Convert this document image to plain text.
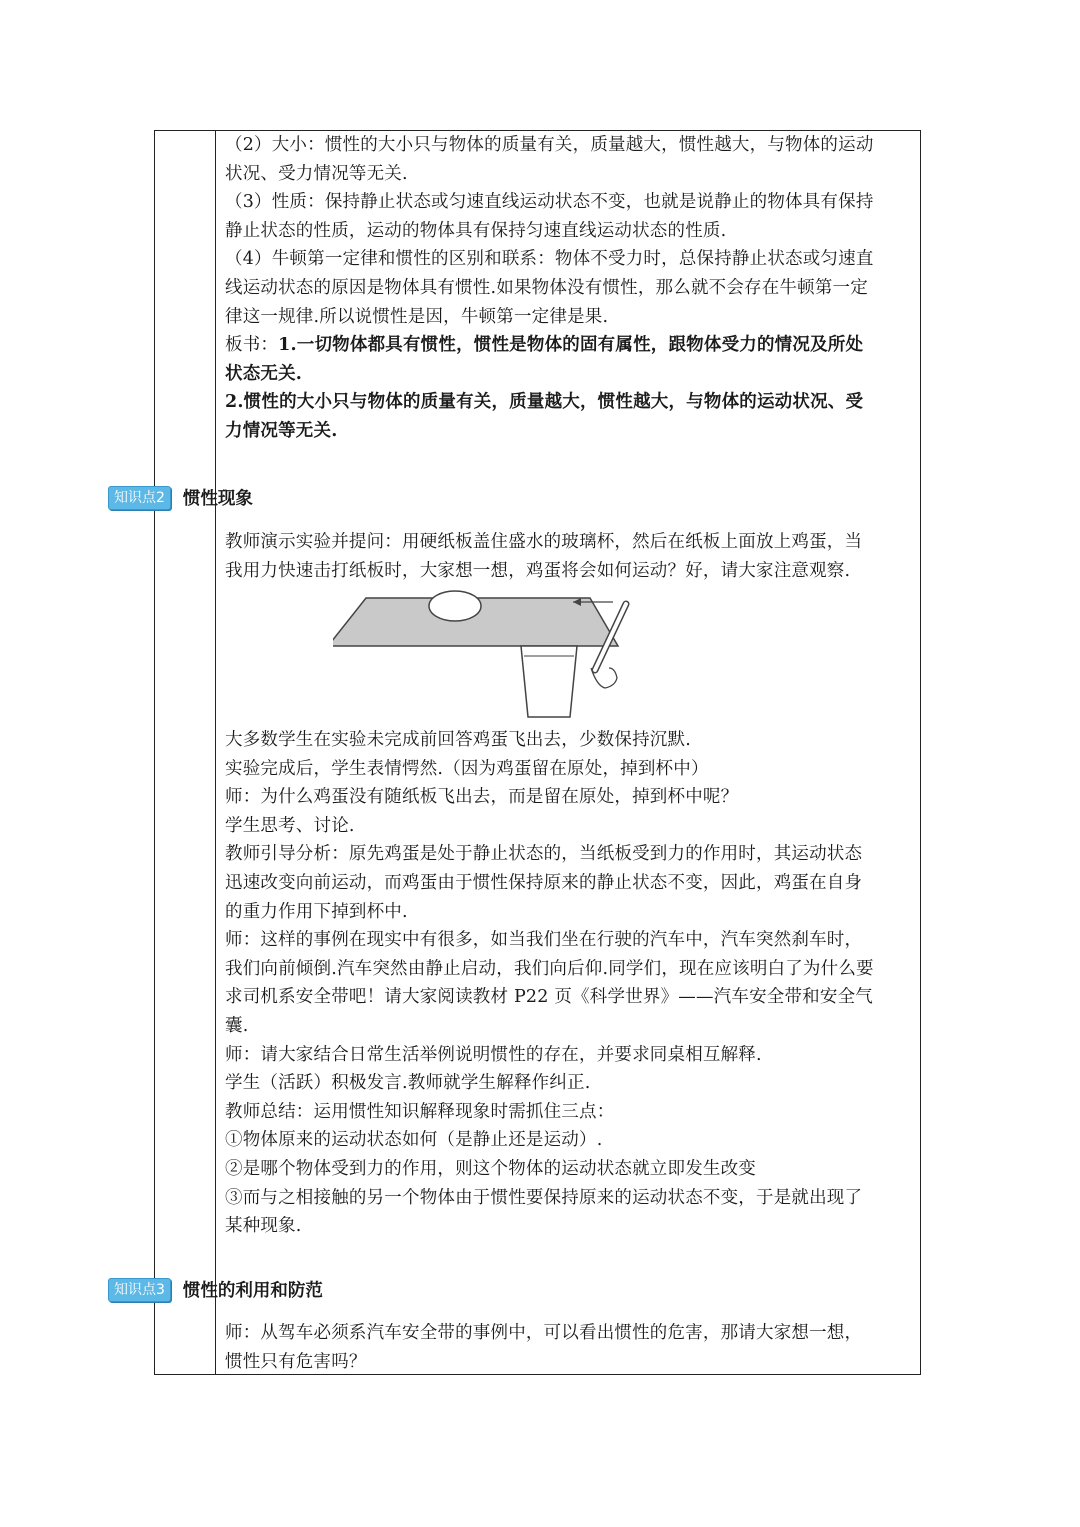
（2）大小：惯性的大小只与物体的质量有关，质量越大，惯性越大，与物体的运动

状况、受力情况等无关.

（3）性质：保持静止状态或匀速直线运动状态不变，也就是说静止的物体具有保持

静止状态的性质，运动的物体具有保持匀速直线运动状态的性质.

（4）牛顿第一定律和惯性的区别和联系：物体不受力时，总保持静止状态或匀速直

线运动状态的原因是物体具有惯性.如果物体没有惯性，那么就不会存在牛顿第一定

律这一规律.所以说惯性是因，牛顿第一定律是果.

板书：1.一切物体都具有惯性，惯性是物体的固有属性，跟物体受力的情况及所处

状态无关.

2.惯性的大小只与物体的质量有关，质量越大，惯性越大，与物体的运动状况、受

力情况等无关.

知识点2	惯性现象

教师演示实验并提问：用硬纸板盖住盛水的玻璃杯，然后在纸板上面放上鸡蛋，当

我用力快速击打纸板时，大家想一想，鸡蛋将会如何运动？好，请大家注意观察.

大多数学生在实验未完成前回答鸡蛋飞出去，少数保持沉默.

实验完成后，学生表情愕然.（因为鸡蛋留在原处，掉到杯中）

师：为什么鸡蛋没有随纸板飞出去，而是留在原处，掉到杯中呢？

学生思考、讨论.

教师引导分析：原先鸡蛋是处于静止状态的，当纸板受到力的作用时，其运动状态

迅速改变向前运动，而鸡蛋由于惯性保持原来的静止状态不变，因此，鸡蛋在自身

的重力作用下掉到杯中.

师：这样的事例在现实中有很多，如当我们坐在行驶的汽车中，汽车突然刹车时，

我们向前倾倒.汽车突然由静止启动，我们向后仰.同学们，现在应该明白了为什么要

求司机系安全带吧！请大家阅读教材 P22 页《科学世界》——汽车安全带和安全气

囊.

师：请大家结合日常生活举例说明惯性的存在，并要求同桌相互解释.

学生（活跃）积极发言.教师就学生解释作纠正.

教师总结：运用惯性知识解释现象时需抓住三点：

①物体原来的运动状态如何（是静止还是运动）.

②是哪个物体受到力的作用，则这个物体的运动状态就立即发生改变

③而与之相接触的另一个物体由于惯性要保持原来的运动状态不变，于是就出现了

某种现象.

知识点3	惯性的利用和防范

师：从驾车必须系汽车安全带的事例中，可以看出惯性的危害，那请大家想一想，

惯性只有危害吗？
